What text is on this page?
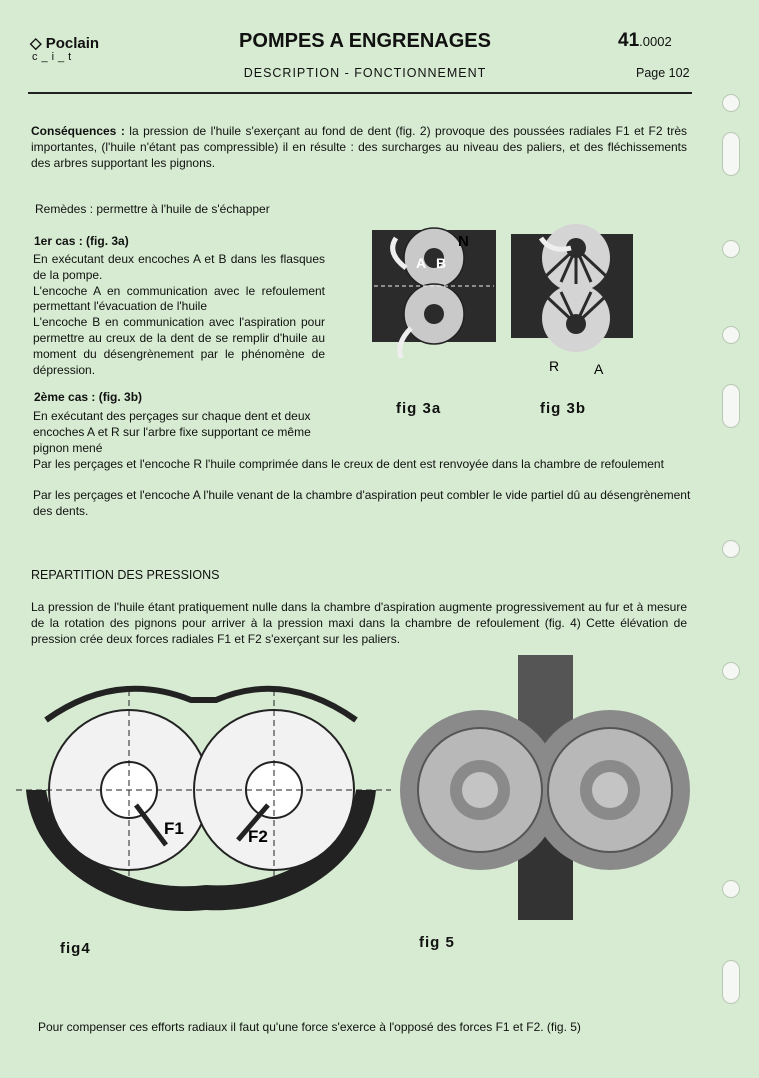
◇ Poclain
c_i_t
POMPES A ENGRENAGES
DESCRIPTION - FONCTIONNEMENT
41.0002
Page 102
Conséquences : la pression de l'huile s'exerçant au fond de dent (fig. 2) provoque des poussées radiales F1 et F2 très importantes, (l'huile n'étant pas compressible) il en résulte : des surcharges au niveau des paliers, et des fléchissements des arbres supportant les pignons.
Remèdes : permettre à l'huile de s'échapper
1er cas : (fig. 3a)
En exécutant deux encoches A et B dans les flasques de la pompe.
L'encoche A en communication avec le refoulement permettant l'évacuation de l'huile
L'encoche B en communication avec l'aspiration pour permettre au creux de la dent de se remplir d'huile au moment du désengrènement par le phénomène de dépression.
2ème cas : (fig. 3b)
En exécutant des perçages sur chaque dent et deux encoches A et R sur l'arbre fixe supportant ce même pignon mené
Par les perçages et l'encoche R l'huile comprimée dans le creux de dent est renvoyée dans la chambre de refoulement
Par les perçages et l'encoche A l'huile venant de la chambre d'aspiration peut combler le vide partiel dû au désengrènement des dents.
N
A B
R A
fig 3a	fig 3b
REPARTITION DES PRESSIONS
La pression de l'huile étant pratiquement nulle dans la chambre d'aspiration augmente progressivement au fur et à mesure de la rotation des pignons pour arriver à la pression maxi dans la chambre de refoulement (fig. 4) Cette élévation de pression crée deux forces radiales F1 et F2 s'exerçant sur les paliers.
F1	F2
fig4	fig 5
Pour compenser ces efforts radiaux il faut qu'une force s'exerce à l'opposé des forces F1 et F2. (fig. 5)
